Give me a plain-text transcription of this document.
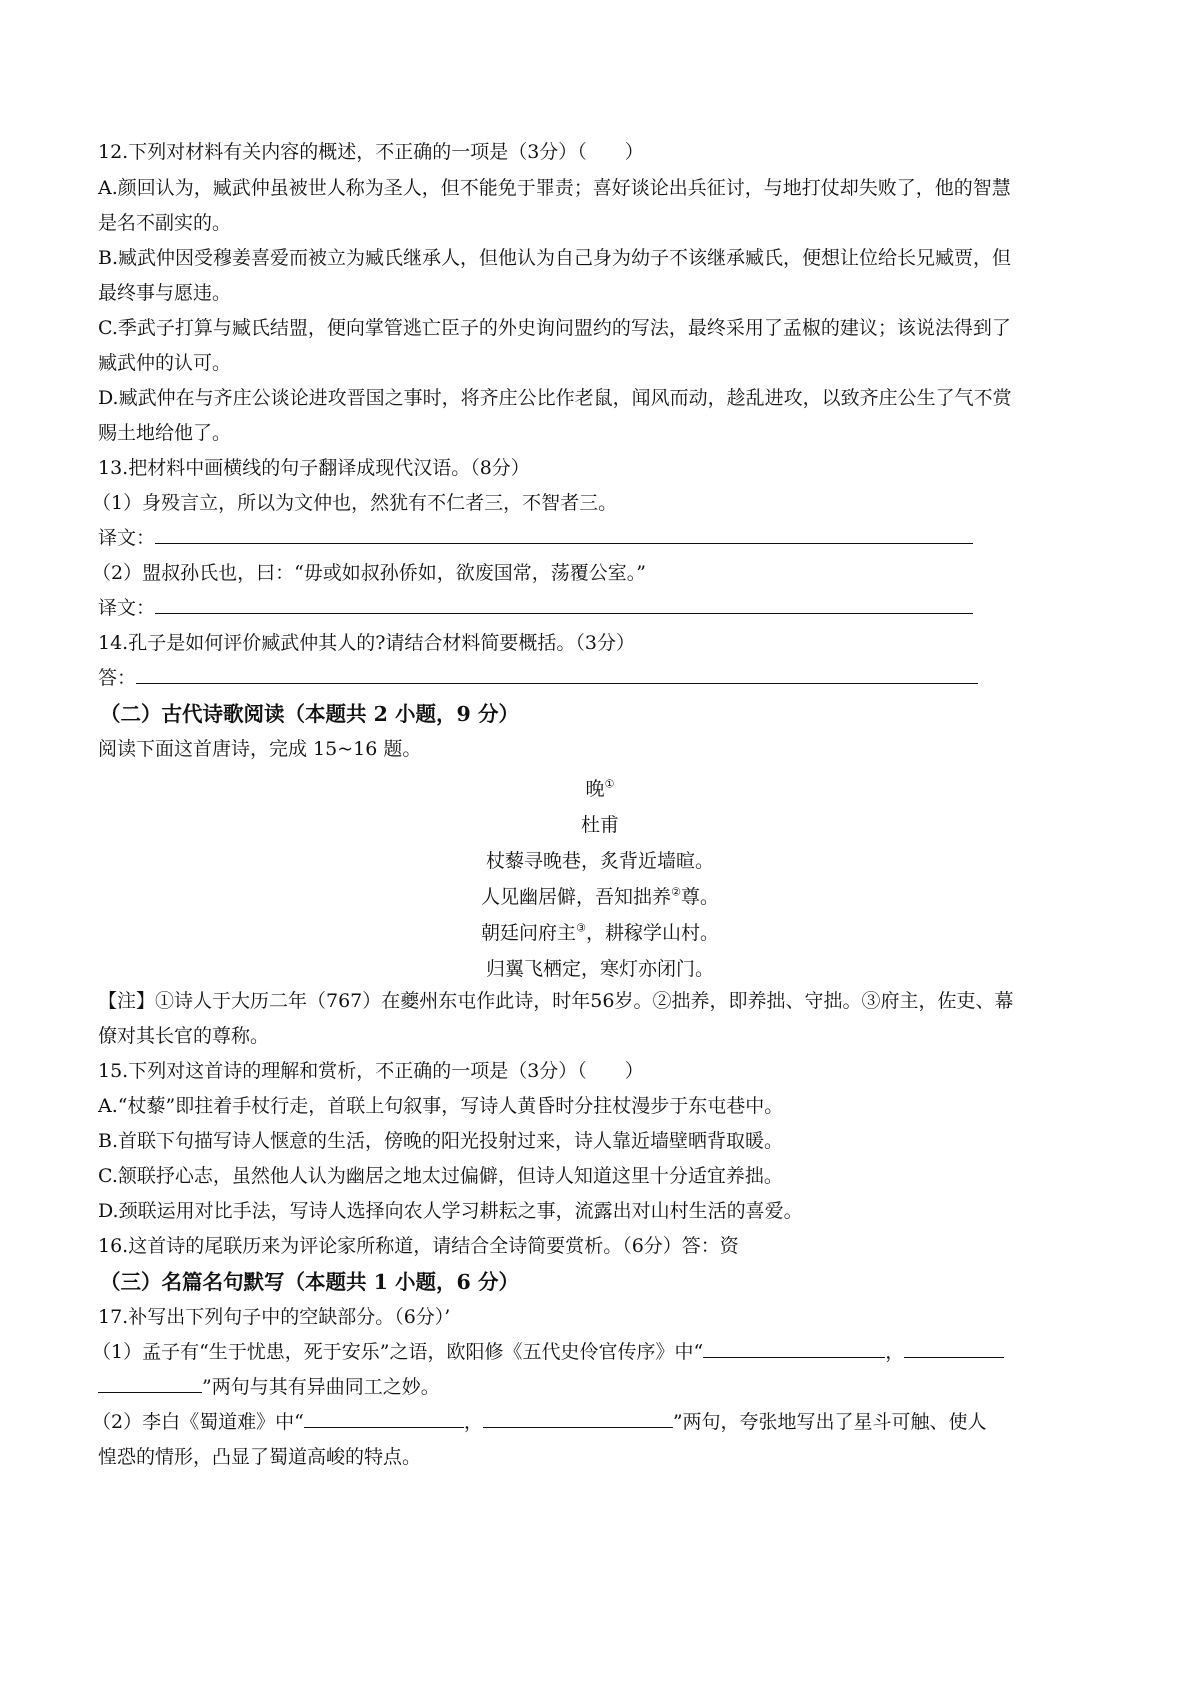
12.下列对材料有关内容的概述，不正确的一项是（3分）（　　）
A.颜回认为，臧武仲虽被世人称为圣人，但不能免于罪责；喜好谈论出兵征讨，与地打仗却失败了，他的智慧
是名不副实的。
B.臧武仲因受穆姜喜爱而被立为臧氏继承人，但他认为自己身为幼子不该继承臧氏，便想让位给长兄臧贾，但
最终事与愿违。
C.季武子打算与臧氏结盟，便向掌管逃亡臣子的外史询问盟约的写法，最终采用了孟椒的建议；该说法得到了
臧武仲的认可。
D.臧武仲在与齐庄公谈论进攻晋国之事时，将齐庄公比作老鼠，闻风而动，趁乱进攻，以致齐庄公生了气不赏
赐土地给他了。
13.把材料中画横线的句子翻译成现代汉语。（8分）
（1）身殁言立，所以为文仲也，然犹有不仁者三，不智者三。
译文：
（2）盟叔孙氏也，曰：“毋或如叔孙侨如，欲废国常，荡覆公室。”
译文：
14.孔子是如何评价臧武仲其人的?请结合材料简要概括。（3分）
答：
（二）古代诗歌阅读（本题共 2 小题，9 分）
阅读下面这首唐诗，完成 15~16 题。
晚①
杜甫
杖藜寻晚巷，炙背近墙暄。
人见幽居僻，吾知拙养②尊。
朝廷问府主③，耕稼学山村。
归翼飞栖定，寒灯亦闭门。
【注】①诗人于大历二年（767）在夔州东屯作此诗，时年56岁。②拙养，即养拙、守拙。③府主，佐吏、幕
僚对其长官的尊称。
15.下列对这首诗的理解和赏析，不正确的一项是（3分）（　　）
A.“杖藜”即拄着手杖行走，首联上句叙事，写诗人黄昏时分拄杖漫步于东屯巷中。
B.首联下句描写诗人惬意的生活，傍晚的阳光投射过来，诗人靠近墙壁晒背取暖。
C.颔联抒心志，虽然他人认为幽居之地太过偏僻，但诗人知道这里十分适宜养拙。
D.颈联运用对比手法，写诗人选择向农人学习耕耘之事，流露出对山村生活的喜爱。
16.这首诗的尾联历来为评论家所称道，请结合全诗简要赏析。（6分）答：资
（三）名篇名句默写（本题共 1 小题，6 分）
17.补写出下列句子中的空缺部分。（6分）’
（1）孟子有“生于忧患，死于安乐”之语，欧阳修《五代史伶官传序》中“	，
”两句与其有异曲同工之妙。
（2）李白《蜀道难》中“	，	”两句，夸张地写出了星斗可触、使人
惶恐的情形，凸显了蜀道高峻的特点。
